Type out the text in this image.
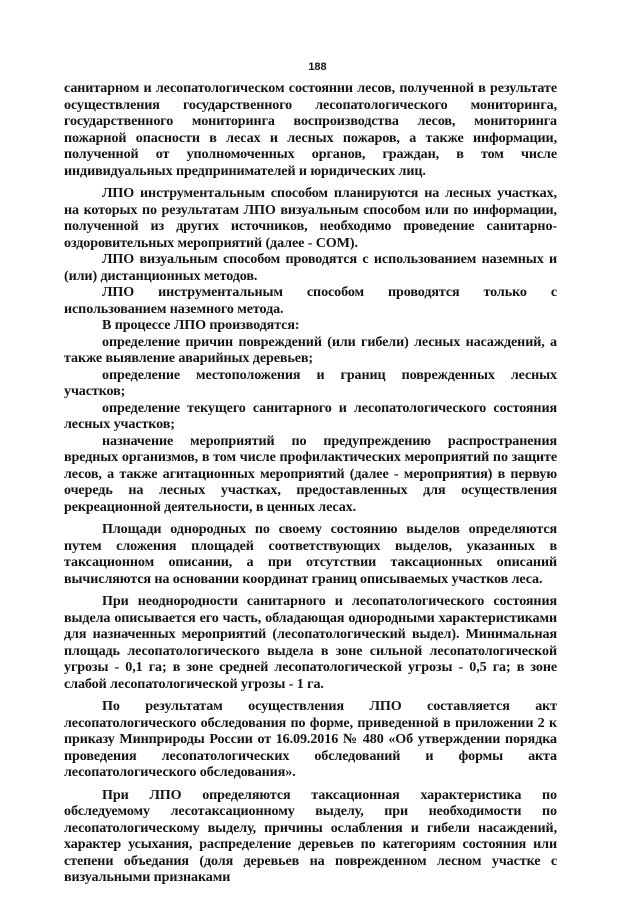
188

санитарном и лесопатологическом состоянии лесов, полученной в результате осуществления государственного лесопатологического мониторинга, государственного мониторинга воспроизводства лесов, мониторинга пожарной опасности в лесах и лесных пожаров, а также информации, полученной от уполномоченных органов, граждан, в том числе индивидуальных предпринимателей и юридических лиц.

ЛПО инструментальным способом планируются на лесных участках, на которых по результатам ЛПО визуальным способом или по информации, полученной из других источников, необходимо проведение санитарно-оздоровительных мероприятий (далее - СОМ).

ЛПО визуальным способом проводятся с использованием наземных и (или) дистанционных методов.

ЛПО инструментальным способом проводятся только с использованием наземного метода.

В процессе ЛПО производятся:

определение причин повреждений (или гибели) лесных насаждений, а также выявление аварийных деревьев;

определение местоположения и границ поврежденных лесных участков;

определение текущего санитарного и лесопатологического состояния лесных участков;

назначение мероприятий по предупреждению распространения вредных организмов, в том числе профилактических мероприятий по защите лесов, а также агитационных мероприятий (далее - мероприятия) в первую очередь на лесных участках, предоставленных для осуществления рекреационной деятельности, в ценных лесах.

Площади однородных по своему состоянию выделов определяются путем сложения площадей соответствующих выделов, указанных в таксационном описании, а при отсутствии таксационных описаний вычисляются на основании координат границ описываемых участков леса.

При неоднородности санитарного и лесопатологического состояния выдела описывается его часть, обладающая однородными характеристиками для назначенных мероприятий (лесопатологический выдел). Минимальная площадь лесопатологического выдела в зоне сильной лесопатологической угрозы - 0,1 га; в зоне средней лесопатологической угрозы - 0,5 га; в зоне слабой лесопатологической угрозы - 1 га.

По результатам осуществления ЛПО составляется акт лесопатологического обследования по форме, приведенной в приложении 2 к приказу Минприроды России от 16.09.2016 № 480 «Об утверждении порядка проведения лесопатологических обследований и формы акта лесопатологического обследования».

При ЛПО определяются таксационная характеристика по обследуемому лесотаксационному выделу, при необходимости по лесопатологическому выделу, причины ослабления и гибели насаждений, характер усыхания, распределение деревьев по категориям состояния или степени объедания (доля деревьев на поврежденном лесном участке с визуальными признаками
